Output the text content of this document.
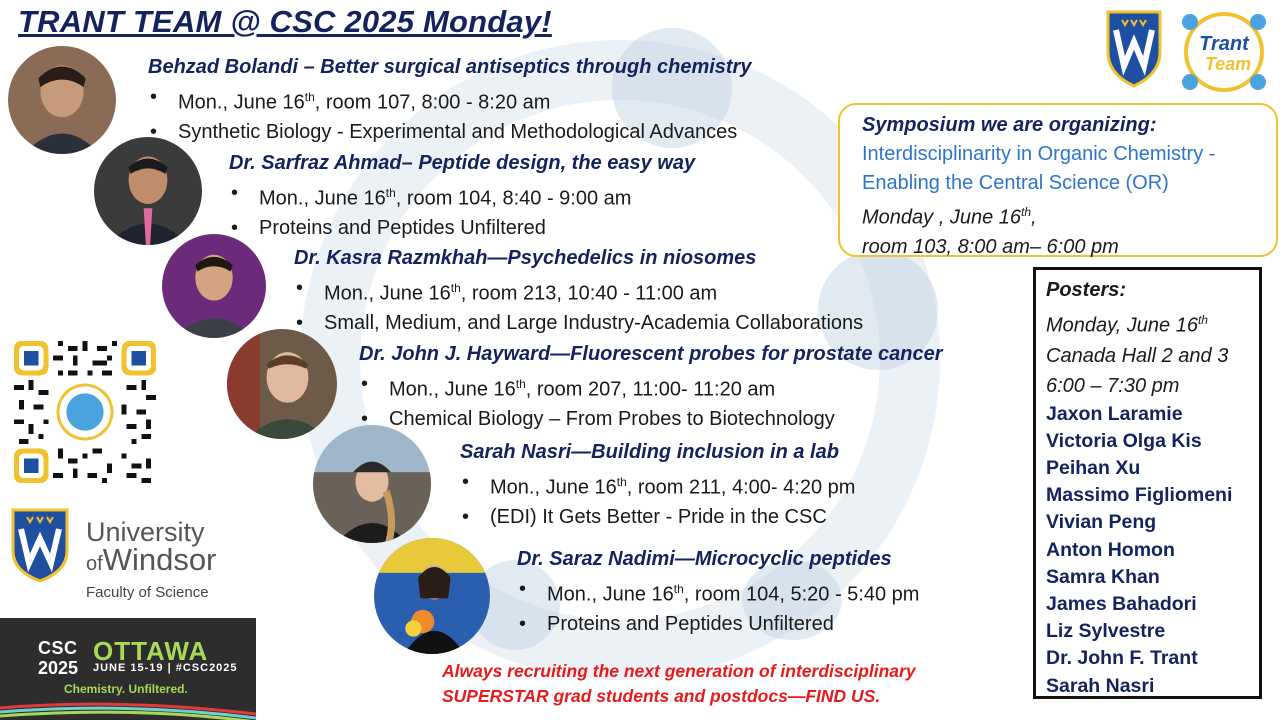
TRANT TEAM @ CSC 2025 Monday!
Behzad Bolandi – Better surgical antiseptics through chemistry
• Mon., June 16th, room 107, 8:00 - 8:20 am
• Synthetic Biology - Experimental and Methodological Advances
Dr. Sarfraz Ahmad– Peptide design, the easy way
• Mon., June 16th, room 104, 8:40 - 9:00 am
• Proteins and Peptides Unfiltered
Dr. Kasra Razmkhah—Psychedelics in niosomes
• Mon., June 16th, room 213, 10:40 - 11:00 am
• Small, Medium, and Large Industry-Academia Collaborations
Dr. John J. Hayward—Fluorescent probes for prostate cancer
• Mon., June 16th, room 207, 11:00- 11:20 am
• Chemical Biology – From Probes to Biotechnology
Sarah Nasri—Building inclusion in a lab
• Mon., June 16th, room 211, 4:00- 4:20 pm
• (EDI) It Gets Better - Pride in the CSC
Dr. Saraz Nadimi—Microcyclic peptides
• Mon., June 16th, room 104, 5:20 - 5:40 pm
• Proteins and Peptides Unfiltered
Trant
Team
Symposium we are organizing:
Interdisciplinarity in Organic Chemistry -
Enabling the Central Science (OR)
Monday , June 16th,
room 103, 8:00 am– 6:00 pm
Posters:
Monday, June 16th
Canada Hall 2 and 3
6:00 – 7:30 pm
Jaxon Laramie
Victoria Olga Kis
Peihan Xu
Massimo Figliomeni
Vivian Peng
Anton Homon
Samra Khan
James Bahadori
Liz Sylvestre
Dr. John F. Trant
Sarah Nasri
University
ofWindsor
Faculty of Science
CSC
2025
OTTAWA
JUNE 15-19 | #CSC2025
Chemistry. Unfiltered.
Always recruiting the next generation of interdisciplinary
SUPERSTAR grad students and postdocs—FIND US.
